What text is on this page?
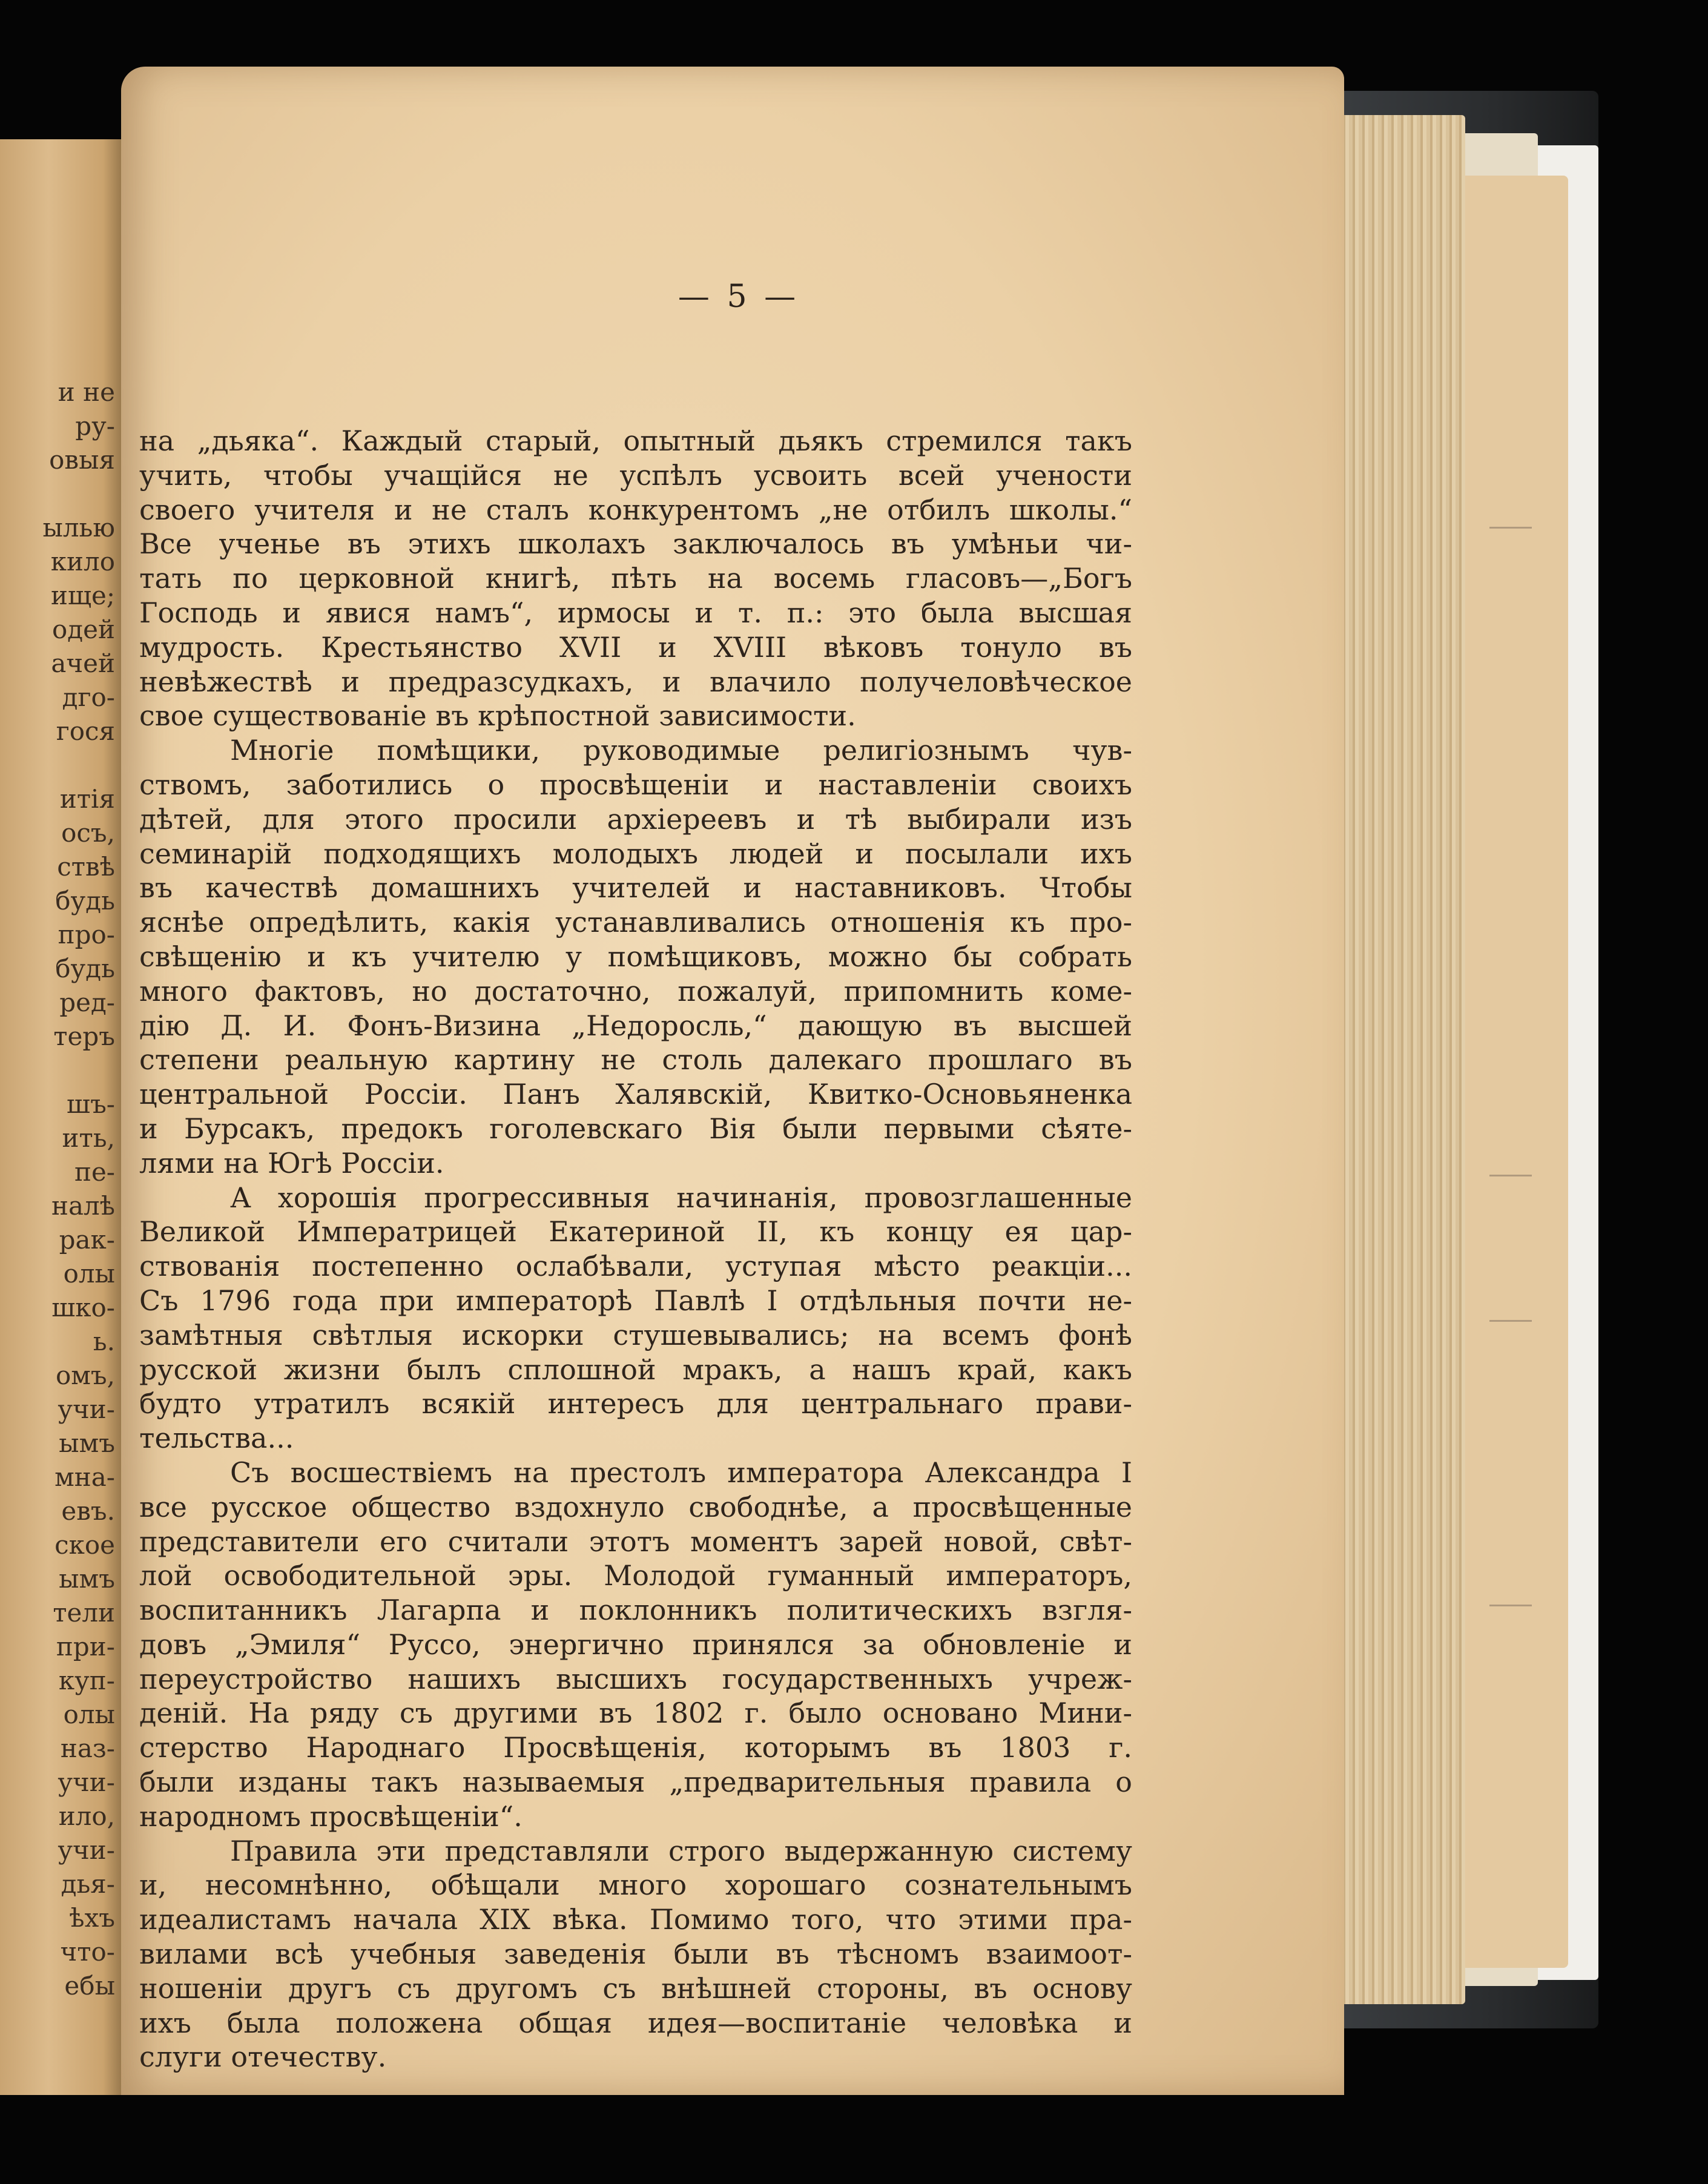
и не
ру-
овыя
ылью
кило
ище;
одей
ачей
дго-
гося
итія
осъ,
ствѣ
будь
про-
будь
ред-
теръ
шъ-
ить,
пе-
налѣ
рак-
олы
шко-
ь.
омъ,
учи-
ымъ
мна-
евъ.
ское
ымъ
тели
при-
куп-
олы
наз-
учи-
ило,
учи-
дья-
ѣхъ
что-
ебы
— 5 —
на „дьяка“. Каждый старый, опытный дьякъ стремился такъ
учить, чтобы учащійся не успѣлъ усвоить всей учености
своего учителя и не сталъ конкурентомъ „не отбилъ школы.“
Все ученье въ этихъ школахъ заключалось въ умѣньи чи-
тать по церковной книгѣ, пѣть на восемь гласовъ—„Богъ
Господь и явися намъ“, ирмосы и т. п.: это была высшая
мудрость. Крестьянство XVII и XVIII вѣковъ тонуло въ
невѣжествѣ и предразсудкахъ, и влачило получеловѣческое
свое существованіе въ крѣпостной зависимости.
Многіе помѣщики, руководимые религіознымъ чув-
ствомъ, заботились о просвѣщеніи и наставленіи своихъ
дѣтей, для этого просили архіереевъ и тѣ выбирали изъ
семинарій подходящихъ молодыхъ людей и посылали ихъ
въ качествѣ домашнихъ учителей и наставниковъ. Чтобы
яснѣе опредѣлить, какія устанавливались отношенія къ про-
свѣщенію и къ учителю у помѣщиковъ, можно бы собрать
много фактовъ, но достаточно, пожалуй, припомнить коме-
дію Д. И. Фонъ-Визина „Недоросль,“ дающую въ высшей
степени реальную картину не столь далекаго прошлаго въ
центральной Россіи. Панъ Халявскій, Квитко-Основьяненка
и Бурсакъ, предокъ гоголевскаго Вія были первыми сѣяте-
лями на Югѣ Россіи.
А хорошія прогрессивныя начинанія, провозглашенные
Великой Императрицей Екатериной II, къ концу ея цар-
ствованія постепенно ослабѣвали, уступая мѣсто реакціи...
Съ 1796 года при императорѣ Павлѣ I отдѣльныя почти не-
замѣтныя свѣтлыя искорки стушевывались; на всемъ фонѣ
русской жизни былъ сплошной мракъ, а нашъ край, какъ
будто утратилъ всякій интересъ для центральнаго прави-
тельства...
Съ восшествіемъ на престолъ императора Александра I
все русское общество вздохнуло свободнѣе, а просвѣщенные
представители его считали этотъ моментъ зарей новой, свѣт-
лой освободительной эры. Молодой гуманный императоръ,
воспитанникъ Лагарпа и поклонникъ политическихъ взгля-
довъ „Эмиля“ Руссо, энергично принялся за обновленіе и
переустройство нашихъ высшихъ государственныхъ учреж-
деній. На ряду съ другими въ 1802 г. было основано Мини-
стерство Народнаго Просвѣщенія, которымъ въ 1803 г.
были изданы такъ называемыя „предварительныя правила о
народномъ просвѣщеніи“.
Правила эти представляли строго выдержанную систему
и, несомнѣнно, обѣщали много хорошаго сознательнымъ
идеалистамъ начала XIX вѣка. Помимо того, что этими пра-
вилами всѣ учебныя заведенія были въ тѣсномъ взаимоот-
ношеніи другъ съ другомъ съ внѣшней стороны, въ основу
ихъ была положена общая идея—воспитаніе человѣка и
слуги отечеству.
